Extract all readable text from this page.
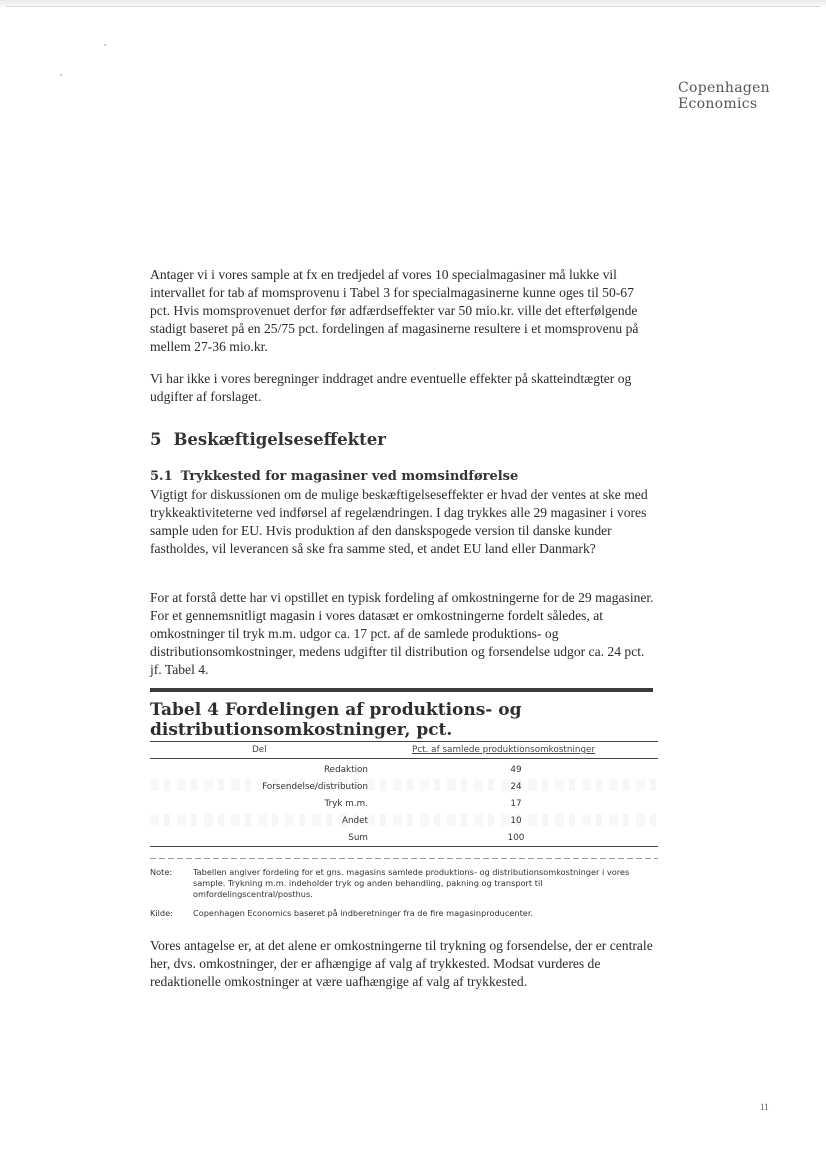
Copenhagen
Economics

Antager vi i vores sample at fx en tredjedel af vores 10 specialmagasiner må lukke vil intervallet for tab af momsprovenu i Tabel 3 for specialmagasinerne kunne oges til 50-67 pct. Hvis momsprovenuet derfor før adfærdseffekter var 50 mio.kr. ville det efterfølgende stadigt baseret på en 25/75 pct. fordelingen af magasinerne resultere i et momsprovenu på mellem 27-36 mio.kr.

Vi har ikke i vores beregninger inddraget andre eventuelle effekter på skatteindtægter og udgifter af forslaget.

5 Beskæftigelseseffekter
5.1 Trykkested for magasiner ved momsindførelse

Vigtigt for diskussionen om de mulige beskæftigelseseffekter er hvad der ventes at ske med trykkeaktiviteterne ved indførsel af regelændringen. I dag trykkes alle 29 magasiner i vores sample uden for EU. Hvis produktion af den danskspogede version til danske kunder fastholdes, vil leverancen så ske fra samme sted, et andet EU land eller Danmark?

For at forstå dette har vi opstillet en typisk fordeling af omkostningerne for de 29 magasiner. For et gennemsnitligt magasin i vores datasæt er omkostningerne fordelt således, at omkostninger til tryk m.m. udgor ca. 17 pct. af de samlede produktions- og distributionsomkostninger, medens udgifter til distribution og forsendelse udgor ca. 24 pct. jf. Tabel 4.

Tabel 4 Fordelingen af produktions- og distributionsomkostninger, pct.
Del	Pct. af samlede produktionsomkostninger
Redaktion	49
Forsendelse/distribution	24
Tryk m.m.	17
Andet	10
Sum	100
Note:	Tabellen angiver fordeling for et gns. magasins samlede produktions- og distributionsomkostninger i vores sample. Trykning m.m. indeholder tryk og anden behandling, pakning og transport til omfordelingscentral/posthus.

Kilde: Copenhagen Economics baseret på indberetninger fra de fire magasinproducenter.

Vores antagelse er, at det alene er omkostningerne til trykning og forsendelse, der er centrale her, dvs. omkostninger, der er afhængige af valg af trykkested. Modsat vurderes de redaktionelle omkostninger at være uafhængige af valg af trykkested.

11
